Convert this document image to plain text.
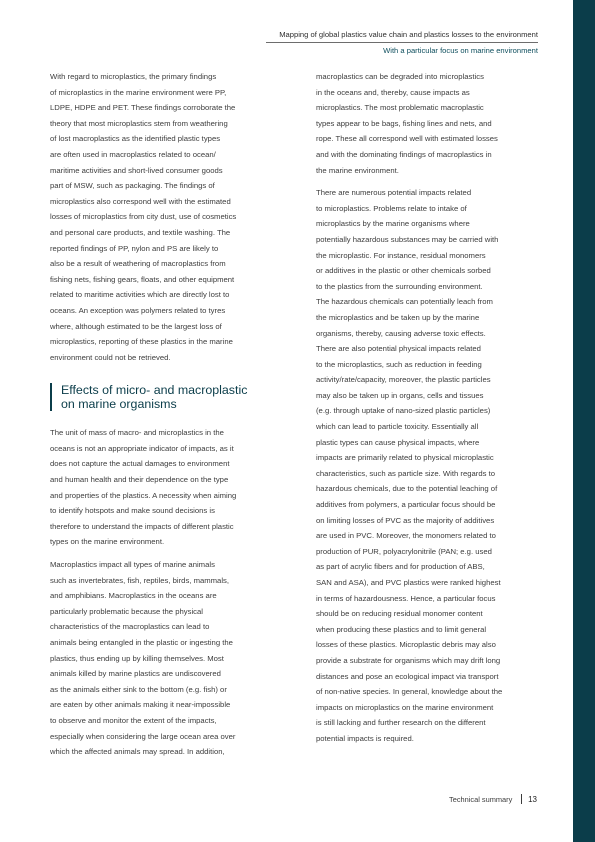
Mapping of global plastics value chain and plastics losses to the environment
With a particular focus on marine environment

With regard to microplastics, the primary findings
of microplastics in the marine environment were PP,
LDPE, HDPE and PET. These findings corroborate the
theory that most microplastics stem from weathering
of lost macroplastics as the identified plastic types
are often used in macroplastics related to ocean/
maritime activities and short-lived consumer goods
part of MSW, such as packaging. The findings of
microplastics also correspond well with the estimated
losses of microplastics from city dust, use of cosmetics
and personal care products, and textile washing. The
reported findings of PP, nylon and PS are likely to
also be a result of weathering of macroplastics from
fishing nets, fishing gears, floats, and other equipment
related to maritime activities which are directly lost to
oceans. An exception was polymers related to tyres
where, although estimated to be the largest loss of
microplastics, reporting of these plastics in the marine
environment could not be retrieved.

Effects of micro- and macroplastic
on marine organisms

The unit of mass of macro- and microplastics in the
oceans is not an appropriate indicator of impacts, as it
does not capture the actual damages to environment
and human health and their dependence on the type
and properties of the plastics. A necessity when aiming
to identify hotspots and make sound decisions is
therefore to understand the impacts of different plastic
types on the marine environment.

Macroplastics impact all types of marine animals
such as invertebrates, fish, reptiles, birds, mammals,
and amphibians. Macroplastics in the oceans are
particularly problematic because the physical
characteristics of the macroplastics can lead to
animals being entangled in the plastic or ingesting the
plastics, thus ending up by killing themselves. Most
animals killed by marine plastics are undiscovered
as the animals either sink to the bottom (e.g. fish) or
are eaten by other animals making it near-impossible
to observe and monitor the extent of the impacts,
especially when considering the large ocean area over
which the affected animals may spread. In addition,

macroplastics can be degraded into microplastics
in the oceans and, thereby, cause impacts as
microplastics. The most problematic macroplastic
types appear to be bags, fishing lines and nets, and
rope. These all correspond well with estimated losses
and with the dominating findings of macroplastics in
the marine environment.

There are numerous potential impacts related
to microplastics. Problems relate to intake of
microplastics by the marine organisms where
potentially hazardous substances may be carried with
the microplastic. For instance, residual monomers
or additives in the plastic or other chemicals sorbed
to the plastics from the surrounding environment.
The hazardous chemicals can potentially leach from
the microplastics and be taken up by the marine
organisms, thereby, causing adverse toxic effects.
There are also potential physical impacts related
to the microplastics, such as reduction in feeding
activity/rate/capacity, moreover, the plastic particles
may also be taken up in organs, cells and tissues
(e.g. through uptake of nano-sized plastic particles)
which can lead to particle toxicity. Essentially all
plastic types can cause physical impacts, where
impacts are primarily related to physical microplastic
characteristics, such as particle size. With regards to
hazardous chemicals, due to the potential leaching of
additives from polymers, a particular focus should be
on limiting losses of PVC as the majority of additives
are used in PVC. Moreover, the monomers related to
production of PUR, polyacrylonitrile (PAN; e.g. used
as part of acrylic fibers and for production of ABS,
SAN and ASA), and PVC plastics were ranked highest
in terms of hazardousness. Hence, a particular focus
should be on reducing residual monomer content
when producing these plastics and to limit general
losses of these plastics. Microplastic debris may also
provide a substrate for organisms which may drift long
distances and pose an ecological impact via transport
of non-native species. In general, knowledge about the
impacts on microplastics on the marine environment
is still lacking and further research on the different
potential impacts is required.

Technical summary 13
